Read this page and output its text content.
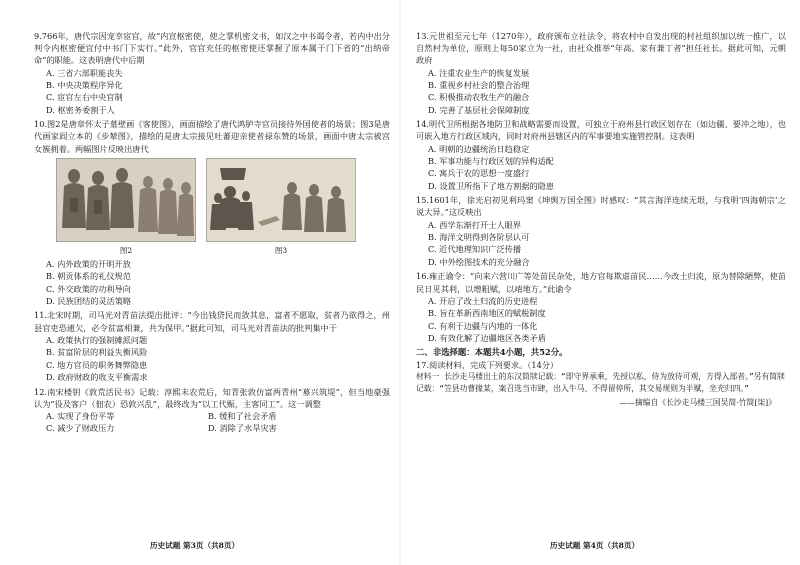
9.766年，唐代宗因宠幸宦官，故“内宣枢密使，使之掌机密文书，如汉之中书谒令者，若内中出分判令内枢密便宜付中书门下实行。”此外，官官充任的枢密使还掌握了原本属于门下省的“出纳帝命”的职能。这表明唐代中后期
A. 三省六部职能丧失
B. 中央决策程序异化
C. 宦官左右中央官制
D. 枢密务委割于人
10.图2是唐章怀太子墓壁画《客使图》，画面描绘了唐代鸿胪寺官员接待外国使者的场景；图3是唐代画家阎立本的《步辇图》，描绘的是唐太宗接见吐蕃迎亲使者禄东赞的场景，画面中唐太宗被宫女簇拥着。两幅图片反映出唐代
图2	图3
A. 内外政策的开明开放
B. 朝贡体系的礼仪规范
C. 外交政策的功利导向
D. 民族团结的灵活策略
11.北宋时期，司马光对青苗法提出批评：“今出钱贷民而敛其息，富者不愿取，贫者乃欲得之，州县官吏恐逋欠，必令贫富相兼，共为保甲。”据此可知，司马光对青苗法的批判集中于
A. 政策执行的强制摊派问题
B. 贫富阶层的利益失衡风险
C. 地方官员的职务舞弊隐患
D. 政府财政的收支平衡需求
12.南宋楼钥《敦荒活民书》记载：淳熙末农荒后，知青张敦仿富两青州“募兴筑堤”，但当地豪强认为“役及客户（佃农）恐敦兴乱”，最终改为“以工代赈，主客同工”。这一调整
A. 实现了身份平等	B. 缓和了社会矛盾
C. 减少了财政压力	D. 消除了水旱灾害
历史试题 第3页（共8页）
13.元世祖至元七年（1270年），政府颁布立社法令，将农村中自发出现的村社组织加以统一推广，以自然村为单位，原则上每50家立为一社，由社众推举“年高、家有兼丁者”担任社长。据此可知，元朝政府
A. 注重农业生产的恢复发展
B. 重视乡村社会的整合治理
C. 积极推动农牧生产的融合
D. 完善了基层社会保障制度
14.明代卫所根据各地防卫和战略需要而设置，可独立于府州县行政区划存在（如边疆、要冲之地），也可嵌入地方行政区域内，同时对府州县辖区内的军事要地实施管控制。这表明
A. 明朝的边疆统治日趋稳定
B. 军事功能与行政区划的异构适配
C. 寓兵于农的思想一度盛行
D. 设置卫所指下了地方割据的隐患
15.1601年，徐光启初见利玛窦《坤舆万国全图》时感叹：“其言海洋连续无垠，与我明‘四海朝宗’之说大异。”这反映出
A. 西学东渐打开士人眼界
B. 海洋文明得到各阶层认可
C. 近代地理知识广泛传播
D. 中外绘图技术的充分融合
16.雍正谕令：“向来六营川广等处苗民杂处，地方官每欺虐苗民……今改土归流，原为替除陋弊，使苗民日见其利，以增粗赋，以靖地方。”此谕令
A. 开启了改土归流的历史进程
B. 旨在革新西南地区的赋税制度
C. 有利于边疆与内地的一体化
D. 有效化解了边疆地区各类矛盾
二、非选择题：本题共4小题，共52分。
17.阅读材料，完成下列要求。（14分）
材料一 长沙走马楼出土的东汉简牍记载：“即守界承乘，先授以私，侍为放待可观，方得入部者。”另有简牍记载：“笠县功曹掾某，案召选当市肆，出入牛马、不得留停所，其交易规则为半赋，坐充归四。”
——摘编自《长沙走马楼三国吴简·竹简[柒]》
历史试题 第4页（共8页）
